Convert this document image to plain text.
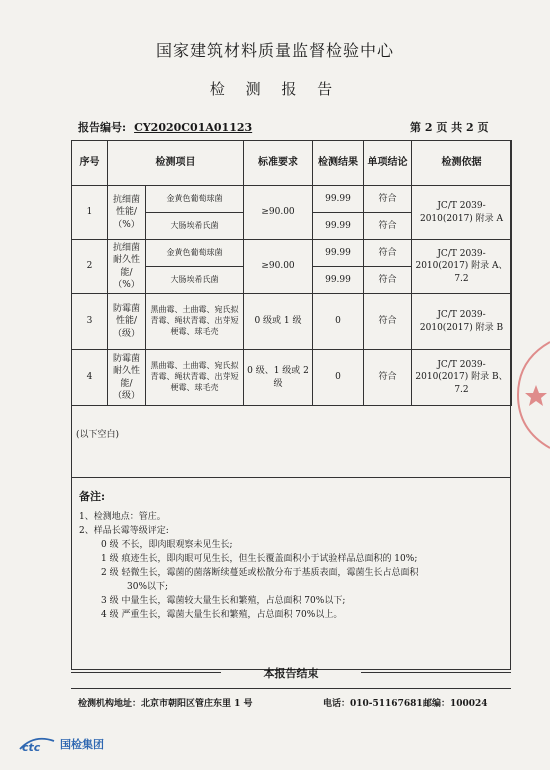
国家建筑材料质量监督检验中心
检 测 报 告
报告编号: CY2020C01A01123	第 2 页 共 2 页
序号	检测项目		标准要求	检测结果	单项结论	检测依据
1	抗细菌性能/（%）	金黄色葡萄球菌	≥90.00	99.99	符合	JC/T 2039-2010(2017) 附录 A
		大肠埃希氏菌		99.99	符合	
2	抗细菌耐久性能/（%）	金黄色葡萄球菌	≥90.00	99.99	符合	JC/T 2039-2010(2017) 附录 A、7.2
		大肠埃希氏菌		99.99	符合	
3	防霉菌性能/（级）	黑曲霉、土曲霉、宛氏拟青霉、绳状青霉、出芽短梗霉、球毛壳	0 级或 1 级	0	符合	JC/T 2039-2010(2017) 附录 B
4	防霉菌耐久性能/（级）	黑曲霉、土曲霉、宛氏拟青霉、绳状青霉、出芽短梗霉、球毛壳	0 级、1 级或 2 级	0	符合	JC/T 2039-2010(2017) 附录 B、 7.2
(以下空白)
备注:
1、检测地点：管庄。
2、样品长霉等级评定:
0 级 不长，即肉眼观察未见生长;
1 级 痕迹生长，即肉眼可见生长，但生长覆盖面积小于试验样品总面积的 10%;
2 级 轻微生长，霉菌的菌落断续蔓延或松散分布于基质表面，霉菌生长占总面积
30%以下;
3 级 中量生长，霉菌较大量生长和繁殖，占总面积 70%以下;
4 级 严重生长，霉菌大量生长和繁殖，占总面积 70%以上。
本报告结束
检测机构地址：北京市朝阳区管庄东里 1 号	电话：010-51167681 邮编：100024
ctc 国检集团
